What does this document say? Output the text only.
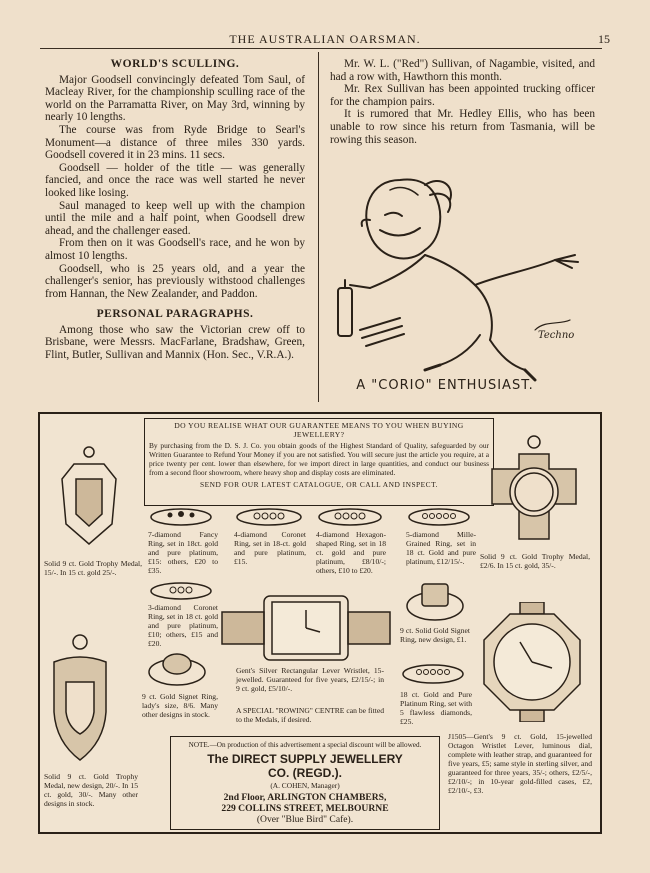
THE AUSTRALIAN OARSMAN.	15
WORLD'S SCULLING.

Major Goodsell convincingly defeated Tom Saul, of Macleay River, for the championship sculling race of the world on the Parramatta River, on May 3rd, winning by nearly 10 lengths.

The course was from Ryde Bridge to Searl's Monument—a distance of three miles 330 yards. Goodsell covered it in 23 mins. 11 secs.

Goodsell — holder of the title — was generally fancied, and once the race was well started he never looked like losing.

Saul managed to keep well up with the champion until the mile and a half point, when Goodsell drew ahead, and the challenger eased.

From then on it was Goodsell's race, and he won by almost 10 lengths.

Goodsell, who is 25 years old, and a year the challenger's senior, has previously withstood challenges from Hannan, the New Zealander, and Paddon.

PERSONAL PARAGRAPHS.

Among those who saw the Victorian crew off to Brisbane, were Messrs. MacFarlane, Bradshaw, Green, Flint, Butler, Sullivan and Mannix (Hon. Sec., V.R.A.).

Mr. W. L. ("Red") Sullivan, of Nagambie, visited, and had a row with, Hawthorn this month.

Mr. Rex Sullivan has been appointed trucking officer for the champion pairs.

It is rumored that Mr. Hedley Ellis, who has been unable to row since his return from Tasmania, will be rowing this season.

Techno
A "CORIO" ENTHUSIAST.
DO YOU REALISE WHAT OUR GUARANTEE MEANS TO YOU WHEN BUYING JEWELLERY?
By purchasing from the D. S. J. Co. you obtain goods of the Highest Standard of Quality, safeguarded by our Written Guarantee to Refund Your Money if you are not satisfied. You will secure just the article you require, at a price twenty per cent. lower than elsewhere, for we import direct in large quantities, and conduct our business from a second floor showroom, where heavy shop and display costs are eliminated.
SEND FOR OUR LATEST CATALOGUE, OR CALL AND INSPECT.
Solid 9 ct. Gold Trophy Medal, 15/-. In 15 ct. gold 25/-.
7-diamond Fancy Ring, set in 18ct. gold and pure platinum, £15: others, £20 to £35.
4-diamond Coronet Ring, set in 18-ct. gold and pure platinum, £15.
4-diamond Hexagon-shaped Ring, set in 18 ct. gold and pure platinum, £8/10/-; others, £10 to £20.
5-diamond Mille-Grained Ring, set in 18 ct. Gold and pure platinum, £12/15/-.
Solid 9 ct. Gold Trophy Medal, £2/6. In 15 ct. gold, 35/-.
3-diamond Coronet Ring, set in 18 ct. gold and pure platinum, £10; others, £15 and £20.
Gent's Silver Rectangular Lever Wristlet, 15-jewelled. Guaranteed for five years, £2/15/-; in 9 ct. gold, £5/10/-.
A SPECIAL "ROWING" CENTRE can be fitted to the Medals, if desired.
9 ct. Solid Gold Signet Ring, new design, £1.
Solid 9 ct. Gold Trophy Medal, new design, 20/-. In 15 ct. gold, 30/-. Many other designs in stock.
9 ct. Gold Signet Ring, lady's size, 8/6. Many other designs in stock.
18 ct. Gold and Pure Platinum Ring, set with 5 flawless diamonds, £25.
J1505—Gent's 9 ct. Gold, 15-jewelled Octagon Wristlet Lever, luminous dial, complete with leather strap, and guaranteed for five years, £5; same style in sterling silver, and guaranteed for three years, 35/-; others, £2/5/-, £2/10/-; in 10-year gold-filled cases, £2, £2/10/-, £3.
NOTE.—On production of this advertisement a special discount will be allowed.
The DIRECT SUPPLY JEWELLERY
CO. (REGD.).
(A. COHEN, Manager)
2nd Floor, ARLINGTON CHAMBERS,
229 COLLINS STREET, MELBOURNE
(Over "Blue Bird" Cafe).
